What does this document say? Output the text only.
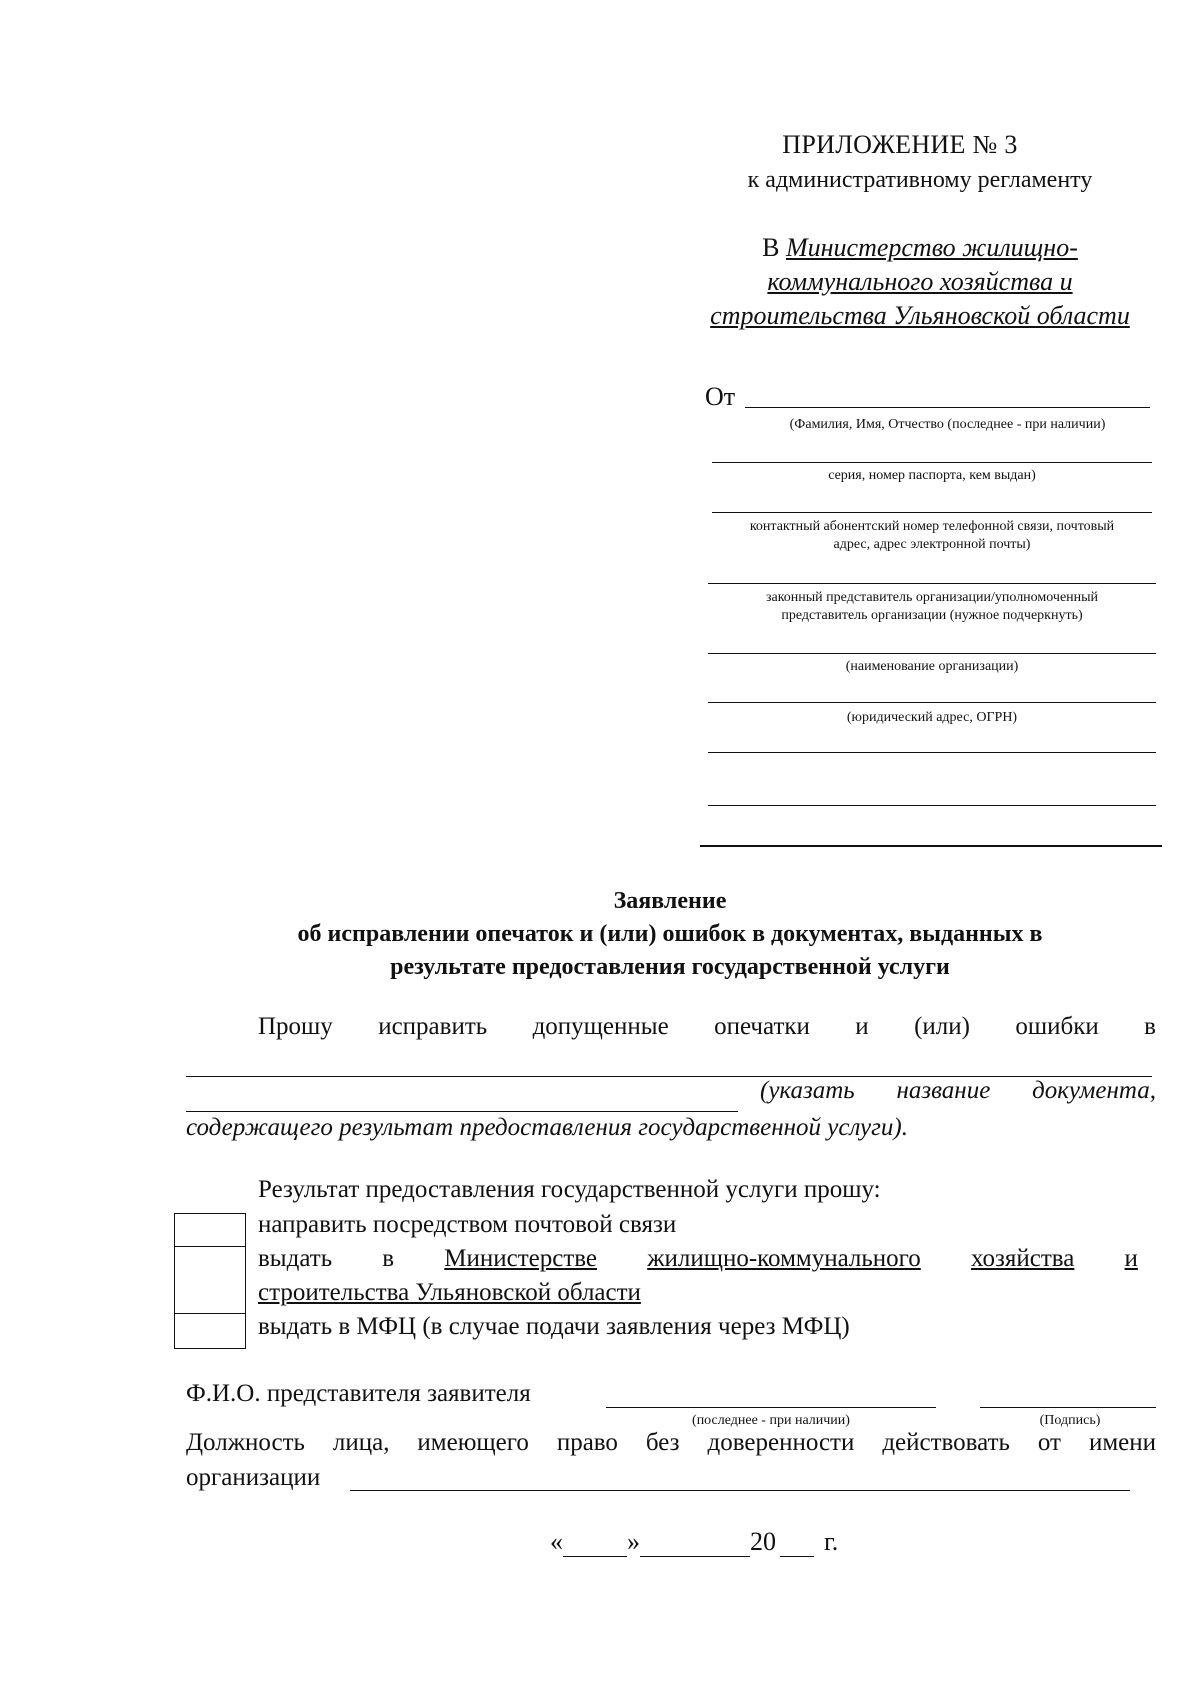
ПРИЛОЖЕНИЕ № 3
к административному регламенту
В Министерство жилищно-коммунального хозяйства и строительства Ульяновской области
От
(Фамилия, Имя, Отчество (последнее - при наличии)
серия, номер паспорта, кем выдан)
контактный абонентский номер телефонной связи, почтовый
адрес, адрес электронной почты)
законный представитель организации/уполномоченный
представитель организации (нужное подчеркнуть)
(наименование организации)
(юридический адрес, ОГРН)
Заявление
об исправлении опечаток и (или) ошибок в документах, выданных в
результате предоставления государственной услуги
Прошу исправить допущенные опечатки и (или) ошибки в
(указать название документа,
содержащего результат предоставления государственной услуги).
Результат предоставления государственной услуги прошу:
направить посредством почтовой связи
выдать в Министерстве жилищно-коммунального хозяйства и
строительства Ульяновской области
выдать в МФЦ (в случае подачи заявления через МФЦ)
Ф.И.О. представителя заявителя
(последнее - при наличии)	(Подпись)
Должность лица, имеющего право без доверенности действовать от имени
организации
« »	20 г.
